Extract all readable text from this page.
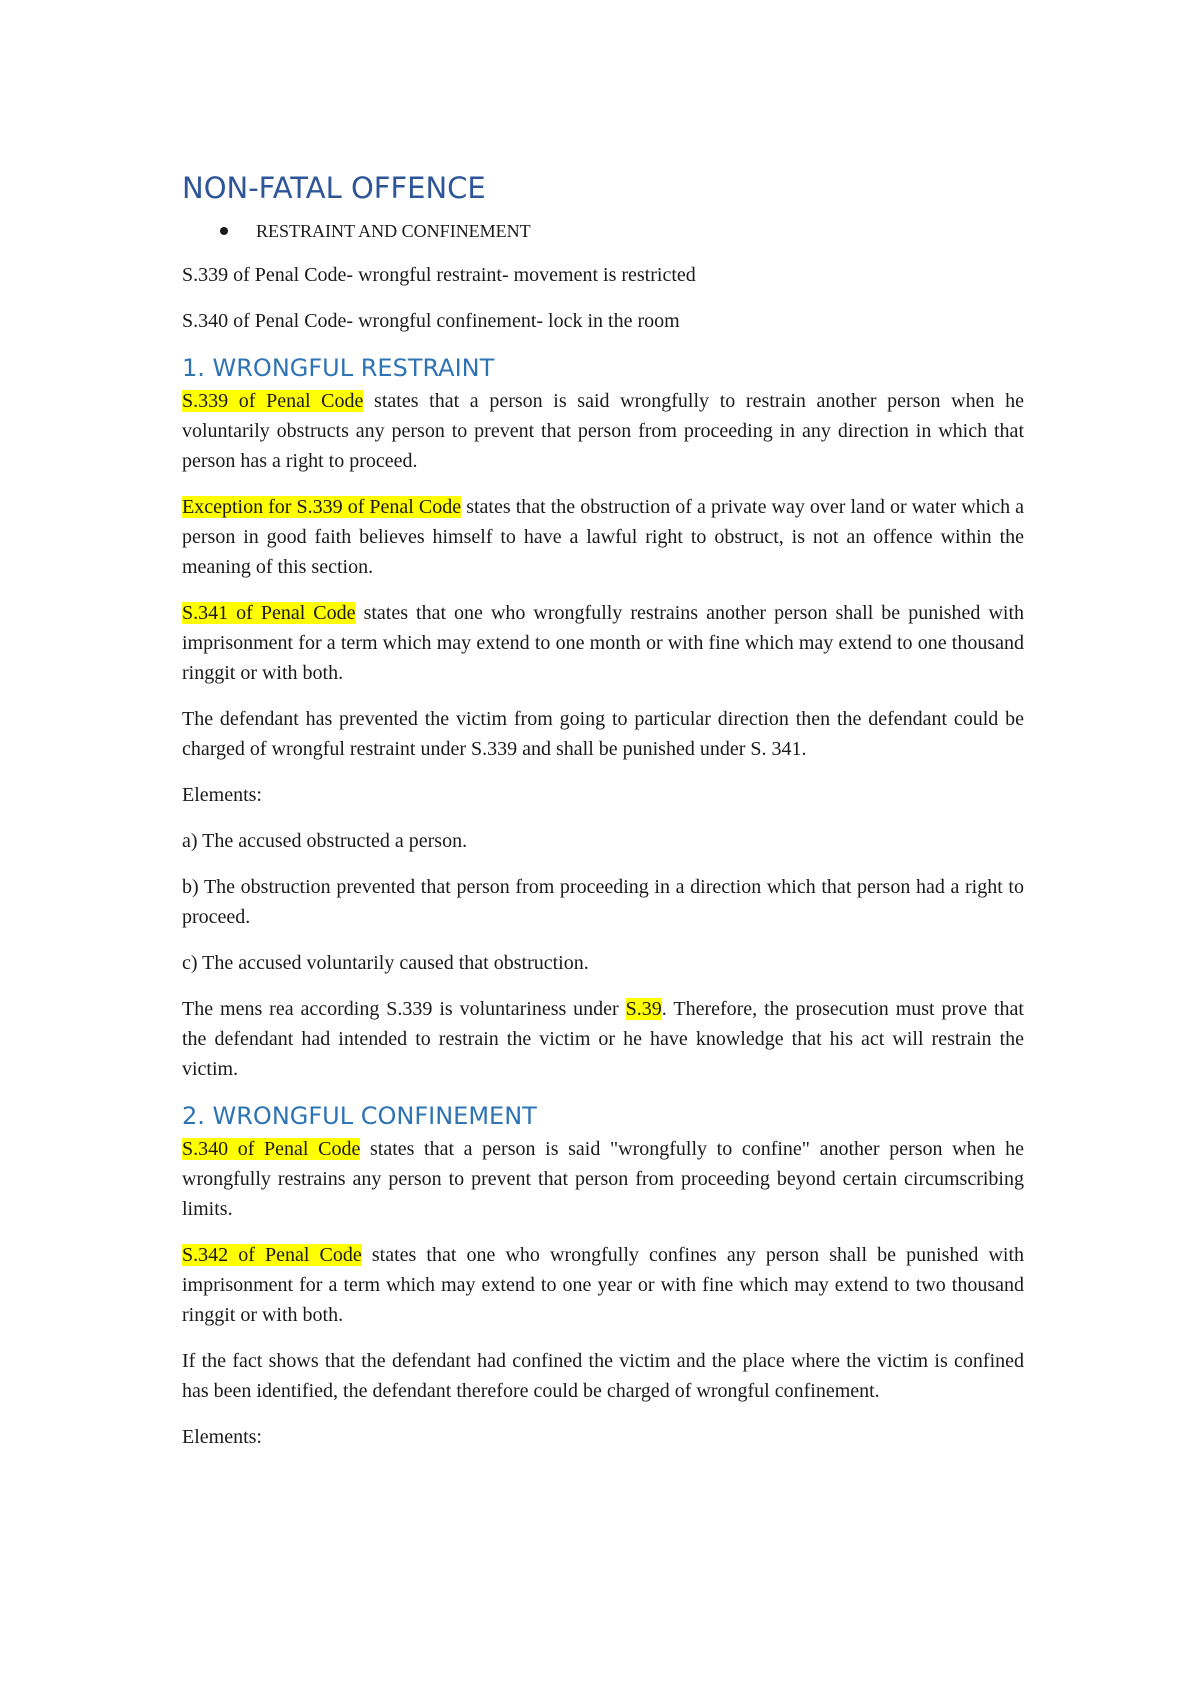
NON-FATAL OFFENCE
RESTRAINT AND CONFINEMENT

S.339 of Penal Code- wrongful restraint- movement is restricted

S.340 of Penal Code- wrongful confinement- lock in the room

1. WRONGFUL RESTRAINT

S.339 of Penal Code states that a person is said wrongfully to restrain another person when he voluntarily obstructs any person to prevent that person from proceeding in any direction in which that person has a right to proceed.

Exception for S.339 of Penal Code states that the obstruction of a private way over land or water which a person in good faith believes himself to have a lawful right to obstruct, is not an offence within the meaning of this section.

S.341 of Penal Code states that one who wrongfully restrains another person shall be punished with imprisonment for a term which may extend to one month or with fine which may extend to one thousand ringgit or with both.

The defendant has prevented the victim from going to particular direction then the defendant could be charged of wrongful restraint under S.339 and shall be punished under S. 341.

Elements:

a) The accused obstructed a person.

b) The obstruction prevented that person from proceeding in a direction which that person had a right to proceed.

c) The accused voluntarily caused that obstruction.

The mens rea according S.339 is voluntariness under S.39. Therefore, the prosecution must prove that the defendant had intended to restrain the victim or he have knowledge that his act will restrain the victim.

2. WRONGFUL CONFINEMENT

S.340 of Penal Code states that a person is said "wrongfully to confine" another person when he wrongfully restrains any person to prevent that person from proceeding beyond certain circumscribing limits.

S.342 of Penal Code states that one who wrongfully confines any person shall be punished with imprisonment for a term which may extend to one year or with fine which may extend to two thousand ringgit or with both.

If the fact shows that the defendant had confined the victim and the place where the victim is confined has been identified, the defendant therefore could be charged of wrongful confinement.

Elements:
